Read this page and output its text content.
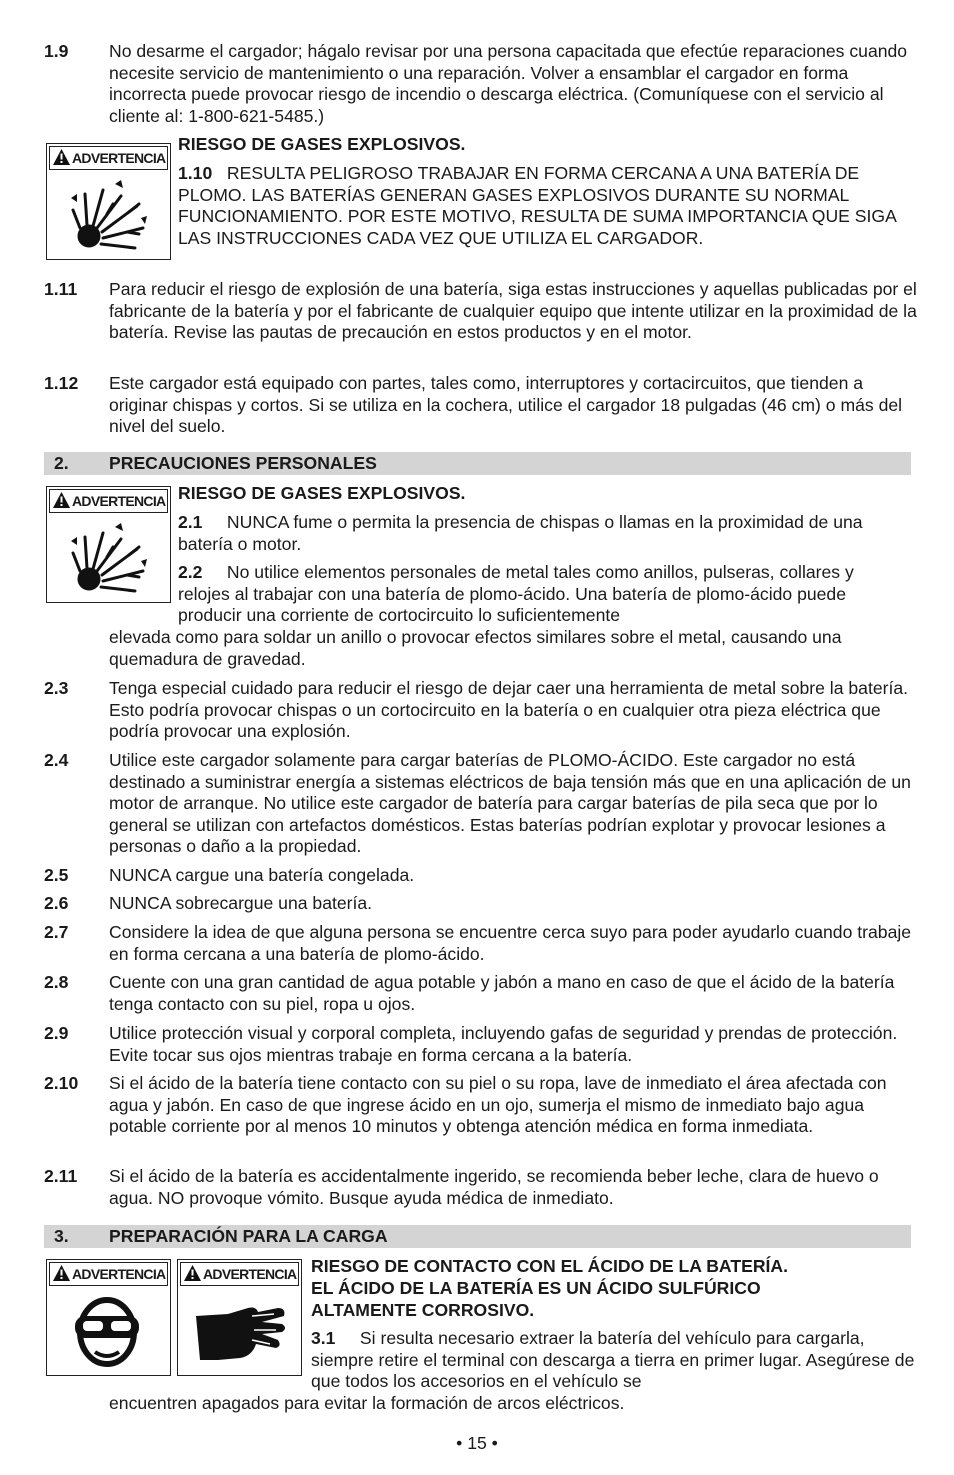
1.9 No desarme el cargador; hágalo revisar por una persona capacitada que efectúe reparaciones cuando necesite servicio de mantenimiento o una reparación. Volver a ensamblar el cargador en forma incorrecta puede provocar riesgo de incendio o descarga eléctrica. (Comuníquese con el servicio al cliente al: 1-800-621-5485.)
ADVERTENCIA
RIESGO DE GASES EXPLOSIVOS.
1.10 RESULTA PELIGROSO TRABAJAR EN FORMA CERCANA A UNA BATERÍA DE PLOMO. LAS BATERÍAS GENERAN GASES EXPLOSIVOS DURANTE SU NORMAL FUNCIONAMIENTO. POR ESTE MOTIVO, RESULTA DE SUMA IMPORTANCIA QUE SIGA LAS INSTRUCCIONES CADA VEZ QUE UTILIZA EL CARGADOR.
1.11 Para reducir el riesgo de explosión de una batería, siga estas instrucciones y aquellas publicadas por el fabricante de la batería y por el fabricante de cualquier equipo que intente utilizar en la proximidad de la batería. Revise las pautas de precaución en estos productos y en el motor.
1.12 Este cargador está equipado con partes, tales como, interruptores y cortacircuitos, que tienden a originar chispas y cortos. Si se utiliza en la cochera, utilice el cargador 18 pulgadas (46 cm) o más del nivel del suelo.
2. PRECAUCIONES PERSONALES
ADVERTENCIA RIESGO DE GASES EXPLOSIVOS.
2.1 NUNCA fume o permita la presencia de chispas o llamas en la proximidad de una batería o motor.
2.2 No utilice elementos personales de metal tales como anillos, pulseras, collares y relojes al trabajar con una batería de plomo-ácido. Una batería de plomo-ácido puede producir una corriente de cortocircuito lo suficientemente
elevada como para soldar un anillo o provocar efectos similares sobre el metal, causando una quemadura de gravedad.
2.3 Tenga especial cuidado para reducir el riesgo de dejar caer una herramienta de metal sobre la batería. Esto podría provocar chispas o un cortocircuito en la batería o en cualquier otra pieza eléctrica que podría provocar una explosión.
2.4 Utilice este cargador solamente para cargar baterías de PLOMO-ÁCIDO. Este cargador no está destinado a suministrar energía a sistemas eléctricos de baja tensión más que en una aplicación de un motor de arranque. No utilice este cargador de batería para cargar baterías de pila seca que por lo general se utilizan con artefactos domésticos. Estas baterías podrían explotar y provocar lesiones a personas o daño a la propiedad.
2.5 NUNCA cargue una batería congelada.
2.6 NUNCA sobrecargue una batería.
2.7 Considere la idea de que alguna persona se encuentre cerca suyo para poder ayudarlo cuando trabaje en forma cercana a una batería de plomo-ácido.
2.8 Cuente con una gran cantidad de agua potable y jabón a mano en caso de que el ácido de la batería tenga contacto con su piel, ropa u ojos.
2.9 Utilice protección visual y corporal completa, incluyendo gafas de seguridad y prendas de protección. Evite tocar sus ojos mientras trabaje en forma cercana a la batería.
2.10 Si el ácido de la batería tiene contacto con su piel o su ropa, lave de inmediato el área afectada con agua y jabón. En caso de que ingrese ácido en un ojo, sumerja el mismo de inmediato bajo agua potable corriente por al menos 10 minutos y obtenga atención médica en forma inmediata.
2.11 Si el ácido de la batería es accidentalmente ingerido, se recomienda beber leche, clara de huevo o agua. NO provoque vómito. Busque ayuda médica de inmediato.
3. PREPARACIÓN PARA LA CARGA
ADVERTENCIA	ADVERTENCIA RIESGO DE CONTACTO CON EL ÁCIDO DE LA BATERÍA.
EL ÁCIDO DE LA BATERÍA ES UN ÁCIDO SULFÚRICO
ALTAMENTE CORROSIVO.
3.1 Si resulta necesario extraer la batería del vehículo para cargarla, siempre retire el terminal con descarga a tierra en primer lugar. Asegúrese de que todos los accesorios en el vehículo se
encuentren apagados para evitar la formación de arcos eléctricos.
• 15 •
